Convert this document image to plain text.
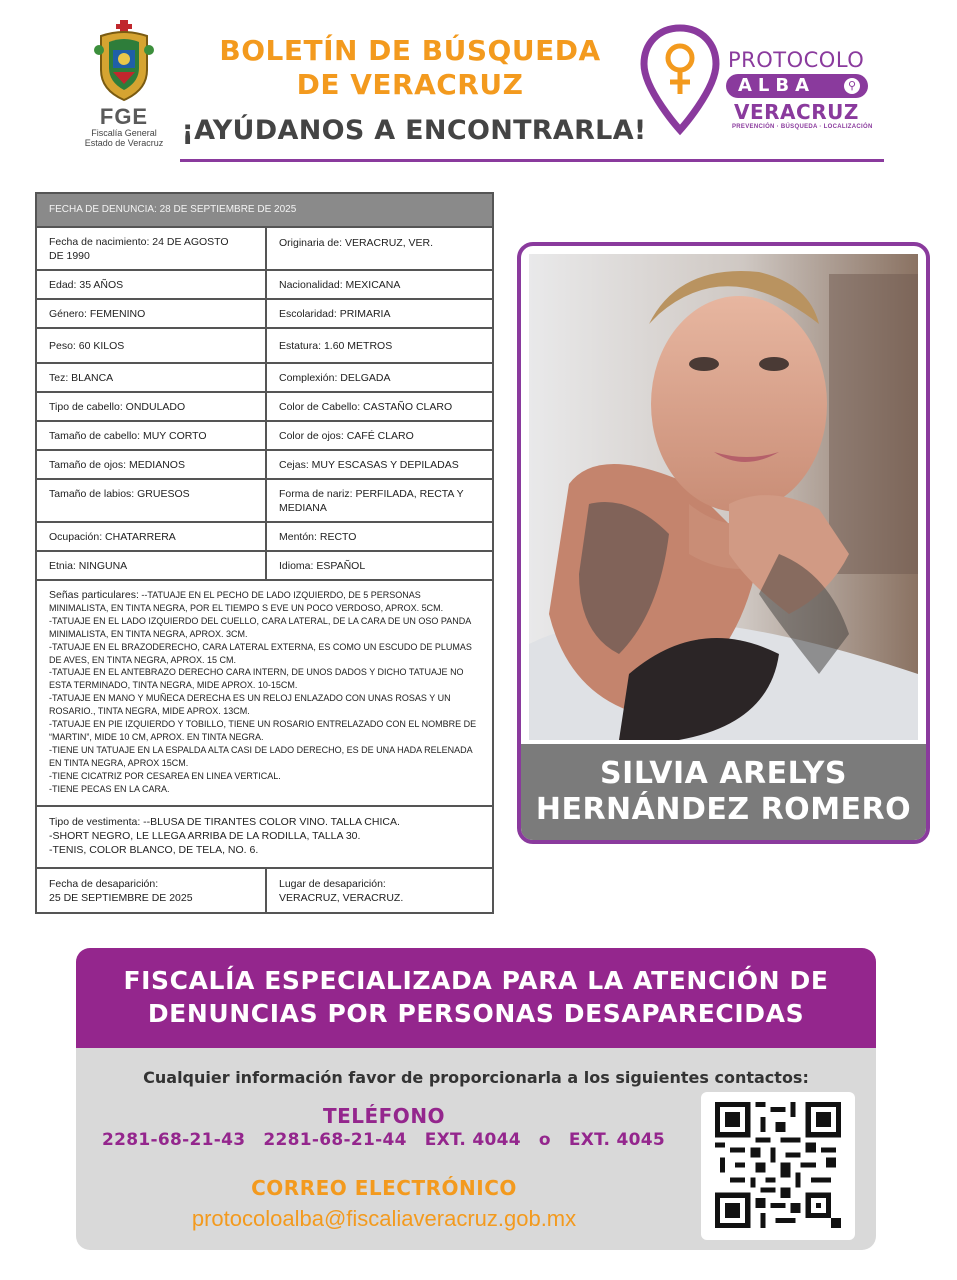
FGE
Fiscalía General
Estado de Veracruz
BOLETÍN DE BÚSQUEDA
DE VERACRUZ
¡AYÚDANOS A ENCONTRARLA!
PROTOCOLO
ALBA	⚲
VERACRUZ
PREVENCIÓN · BÚSQUEDA · LOCALIZACIÓN
FECHA DE DENUNCIA: 28 DE SEPTIEMBRE DE 2025
Fecha de nacimiento: 24 DE AGOSTO
DE 1990
Originaria de: VERACRUZ, VER.
Edad: 35 AÑOS	Nacionalidad: MEXICANA
Género: FEMENINO	Escolaridad: PRIMARIA
Peso: 60 KILOS	Estatura: 1.60 METROS
Tez: BLANCA	Complexión: DELGADA
Tipo de cabello: ONDULADO	Color de Cabello: CASTAÑO CLARO
Tamaño de cabello: MUY CORTO	Color de ojos: CAFÉ CLARO
Tamaño de ojos: MEDIANOS	Cejas: MUY ESCASAS Y DEPILADAS
Tamaño de labios: GRUESOS	Forma de nariz: PERFILADA, RECTA Y
MEDIANA
Ocupación: CHATARRERA	Mentón: RECTO
Etnia: NINGUNA	Idioma: ESPAÑOL
Señas particulares: --TATUAJE EN EL PECHO DE LADO IZQUIERDO, DE 5 PERSONAS
MINIMALISTA, EN TINTA NEGRA, POR EL TIEMPO S EVE UN POCO VERDOSO, APROX. 5CM.
-TATUAJE EN EL LADO IZQUIERDO DEL CUELLO, CARA LATERAL, DE LA CARA DE UN OSO PANDA
MINIMALISTA, EN TINTA NEGRA, APROX. 3CM.
-TATUAJE EN EL BRAZODERECHO, CARA LATERAL EXTERNA, ES COMO UN ESCUDO DE PLUMAS
DE AVES, EN TINTA NEGRA, APROX. 15 CM.
-TATUAJE EN EL ANTEBRAZO DERECHO CARA INTERN, DE UNOS DADOS Y DICHO TATUAJE NO
ESTA TERMINADO, TINTA NEGRA, MIDE APROX. 10-15CM.
-TATUAJE EN MANO Y MUÑECA DERECHA ES UN RELOJ ENLAZADO CON UNAS ROSAS Y UN
ROSARIO., TINTA NEGRA, MIDE APROX. 13CM.
-TATUAJE EN PIE IZQUIERDO Y TOBILLO, TIENE UN ROSARIO ENTRELAZADO CON EL NOMBRE DE
“MARTIN”, MIDE 10 CM, APROX. EN TINTA NEGRA.
-TIENE UN TATUAJE EN LA ESPALDA ALTA CASI DE LADO DERECHO, ES DE UNA HADA RELENADA
EN TINTA NEGRA, APROX 15CM.
-TIENE CICATRIZ POR CESAREA EN LINEA VERTICAL.
-TIENE PECAS EN LA CARA.
Tipo de vestimenta: --BLUSA DE TIRANTES COLOR VINO. TALLA CHICA.
-SHORT NEGRO, LE LLEGA ARRIBA DE LA RODILLA, TALLA 30.
-TENIS, COLOR BLANCO, DE TELA, NO. 6.
Fecha de desaparición:
25 DE SEPTIEMBRE DE 2025
Lugar de desaparición:
VERACRUZ, VERACRUZ.
SILVIA ARELYS
HERNÁNDEZ ROMERO
FISCALÍA ESPECIALIZADA PARA LA ATENCIÓN DE
DENUNCIAS POR PERSONAS DESAPARECIDAS
Cualquier información favor de proporcionarla a los siguientes contactos:
TELÉFONO
2281-68-21-43 2281-68-21-44 EXT. 4044 o EXT. 4045
CORREO ELECTRÓNICO
protocoloalba@fiscaliaveracruz.gob.mx
